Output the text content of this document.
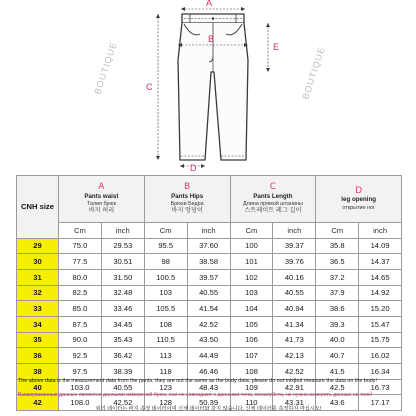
BOUTIQUE	BOUTIQUE
A
B
C
E
D
CNH size	A
Pants waist
Талия брюк
바지 허리		B
Pants Hips
Брюки Бедра
바지 엉덩이		C
Pants Length
Длина прямой штанины
스트레이트 레그 길이		D
leg opening
открытие ног	

	Cm	inch	Cm	inch	Cm	inch	Cm	inch
29	75.0	29.53	95.5	37.60	100	39.37	35.8	14.09
30	77.5	30.51	98	38.58	101	39.76	36.5	14.37
31	80.0	31.50	100.5	39.57	102	40.16	37.2	14.65
32	82.5	32.48	103	40.55	103	40.55	37.9	14.92
33	85.0	33.46	105.5	41.54	104	40.94	38.6	15.20
34	87.5	34.45	108	42.52	105	41.34	39.3	15.47
35	90.0	35.43	110.5	43.50	106	41.73	40.0	15.75
36	92.5	36.42	113	44.49	107	42.13	40.7	16.02
38	97.5	38.39	118	46.46	108	42.52	41.5	16.34
40	103.0	40.55	123	48.43	109	42.91	42.5	16.73
42	108.0	42.52	128	50.39	110	43.31	43.6	17.17
The above data is the measurement data from the pants, they are not the same as the body data, please do not mixjbul measure the data on the body!
Вышеуказанные данные являются данными измерений брюк, они не совпадают с данными тела, пожалуйста, не нужно измерять данные на теле!
위의 데이터는 바지 측정 데이터이며 신체 데이터와 같지 않습니다. 신체 데이터를 측정하지 마십시오!
